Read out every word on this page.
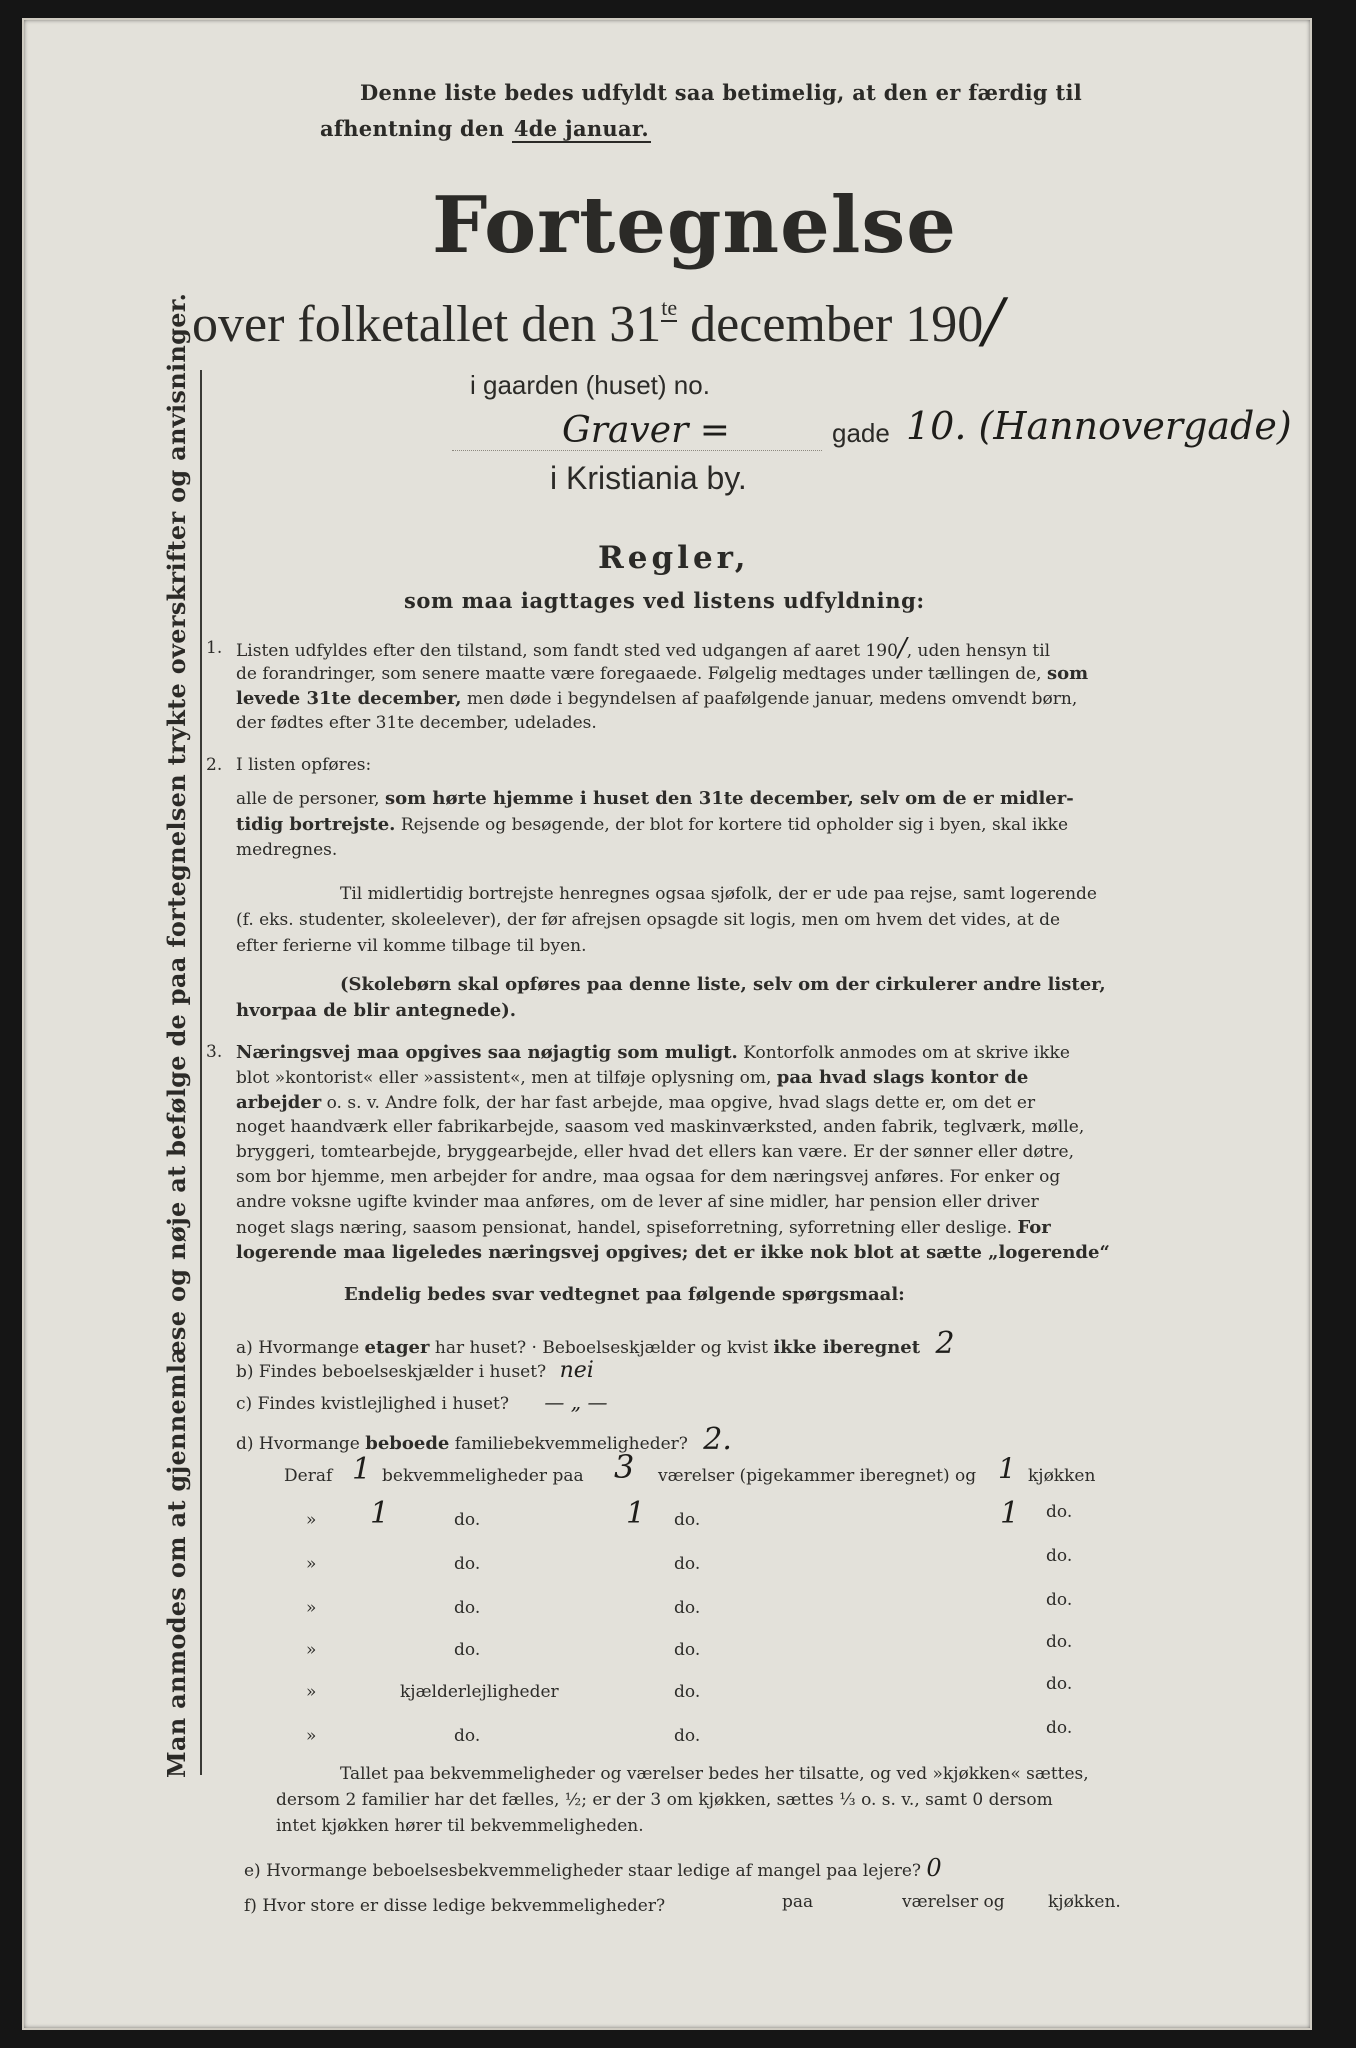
Man anmodes om at gjennemlæse og nøje at befølge de paa fortegnelsen trykte overskrifter og anvisninger.
Denne liste bedes udfyldt saa betimelig, at den er færdig til
afhentning den 4de januar.
Fortegnelse
over folketallet den $31^{te}$ december 190/
i gaarden (huset) no.
Graver =	gade 10. (Hannovergade)
i Kristiania by.
Regler,
som maa iagttages ved listens udfyldning:
1. Listen udfyldes efter den tilstand, som fandt sted ved udgangen af aaret 190/, uden hensyn til
de forandringer, som senere maatte være foregaaede. Følgelig medtages under tællingen de, som
levede 31te december, men døde i begyndelsen af paafølgende januar, medens omvendt børn,
der fødtes efter 31te december, udelades.
2. I listen opføres:
alle de personer, som hørte hjemme i huset den 31te december, selv om de er midler-
tidig bortrejste. Rejsende og besøgende, der blot for kortere tid opholder sig i byen, skal ikke
medregnes.
Til midlertidig bortrejste henregnes ogsaa sjøfolk, der er ude paa rejse, samt logerende
(f. eks. studenter, skoleelever), der før afrejsen opsagde sit logis, men om hvem det vides, at de
efter ferierne vil komme tilbage til byen.
(Skolebørn skal opføres paa denne liste, selv om der cirkulerer andre lister,
hvorpaa de blir antegnede).
3. Næringsvej maa opgives saa nøjagtig som muligt. Kontorfolk anmodes om at skrive ikke
blot »kontorist« eller »assistent«, men at tilføje oplysning om, paa hvad slags kontor de
arbejder o. s. v. Andre folk, der har fast arbejde, maa opgive, hvad slags dette er, om det er
noget haandværk eller fabrikarbejde, saasom ved maskinværksted, anden fabrik, teglværk, mølle,
bryggeri, tomtearbejde, bryggearbejde, eller hvad det ellers kan være. Er der sønner eller døtre,
som bor hjemme, men arbejder for andre, maa ogsaa for dem næringsvej anføres. For enker og
andre voksne ugifte kvinder maa anføres, om de lever af sine midler, har pension eller driver
noget slags næring, saasom pensionat, handel, spiseforretning, syforretning eller deslige. For
logerende maa ligeledes næringsvej opgives; det er ikke nok blot at sætte „logerende“
Endelig bedes svar vedtegnet paa følgende spørgsmaal:
a) Hvormange etager har huset? · Beboelseskjælder og kvist ikke iberegnet 2
b) Findes beboelseskjælder i huset? nei
c) Findes kvistlejlighed i huset? — „ —
d) Hvormange beboede familiebekvemmeligheder? 2.
Deraf 1 bekvemmeligheder paa 3 værelser (pigekammer iberegnet) og 1 kjøkken
» 1	do.	1 do.	1 do.
»	do.	do.	do.
»	do.	do.	do.
»	do.	do.	do.
»	kjælderlejligheder	do.	do.
»	do.	do.	do.
Tallet paa bekvemmeligheder og værelser bedes her tilsatte, og ved »kjøkken« sættes,
dersom 2 familier har det fælles, ½; er der 3 om kjøkken, sættes ⅓ o. s. v., samt 0 dersom
intet kjøkken hører til bekvemmeligheden.
e) Hvormange beboelsesbekvemmeligheder staar ledige af mangel paa lejere? 0
f) Hvor store er disse ledige bekvemmeligheder?	paa	værelser og	kjøkken.
